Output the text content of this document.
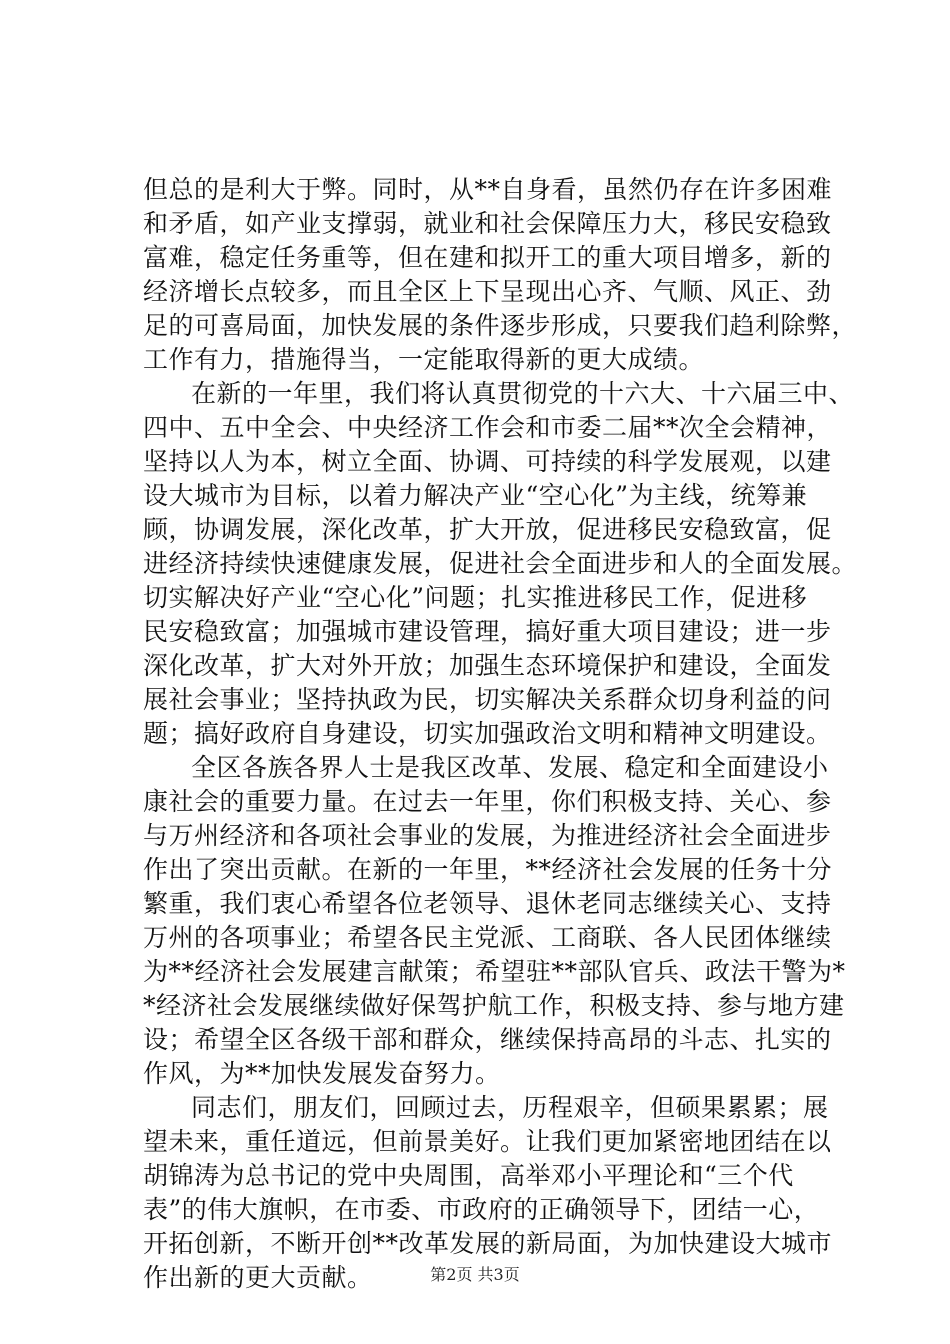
但总的是利大于弊。同时，从**自身看，虽然仍存在许多困难
和矛盾，如产业支撑弱，就业和社会保障压力大，移民安稳致
富难，稳定任务重等，但在建和拟开工的重大项目增多，新的
经济增长点较多，而且全区上下呈现出心齐、气顺、风正、劲
足的可喜局面，加快发展的条件逐步形成，只要我们趋利除弊，
工作有力，措施得当，一定能取得新的更大成绩。
在新的一年里，我们将认真贯彻党的十六大、十六届三中、
四中、五中全会、中央经济工作会和市委二届**次全会精神，
坚持以人为本，树立全面、协调、可持续的科学发展观，以建
设大城市为目标，以着力解决产业“空心化”为主线，统筹兼
顾，协调发展，深化改革，扩大开放，促进移民安稳致富，促
进经济持续快速健康发展，促进社会全面进步和人的全面发展。
切实解决好产业“空心化”问题；扎实推进移民工作，促进移
民安稳致富；加强城市建设管理，搞好重大项目建设；进一步
深化改革，扩大对外开放；加强生态环境保护和建设，全面发
展社会事业；坚持执政为民，切实解决关系群众切身利益的问
题；搞好政府自身建设，切实加强政治文明和精神文明建设。
全区各族各界人士是我区改革、发展、稳定和全面建设小
康社会的重要力量。在过去一年里，你们积极支持、关心、参
与万州经济和各项社会事业的发展，为推进经济社会全面进步
作出了突出贡献。在新的一年里，**经济社会发展的任务十分
繁重，我们衷心希望各位老领导、退休老同志继续关心、支持
万州的各项事业；希望各民主党派、工商联、各人民团体继续
为**经济社会发展建言献策；希望驻**部队官兵、政法干警为*
*经济社会发展继续做好保驾护航工作，积极支持、参与地方建
设；希望全区各级干部和群众，继续保持高昂的斗志、扎实的
作风，为**加快发展发奋努力。
同志们，朋友们，回顾过去，历程艰辛，但硕果累累；展
望未来，重任道远，但前景美好。让我们更加紧密地团结在以
胡锦涛为总书记的党中央周围，高举邓小平理论和“三个代
表”的伟大旗帜，在市委、市政府的正确领导下，团结一心，
开拓创新，不断开创**改革发展的新局面，为加快建设大城市
作出新的更大贡献。	第2页 共3页
